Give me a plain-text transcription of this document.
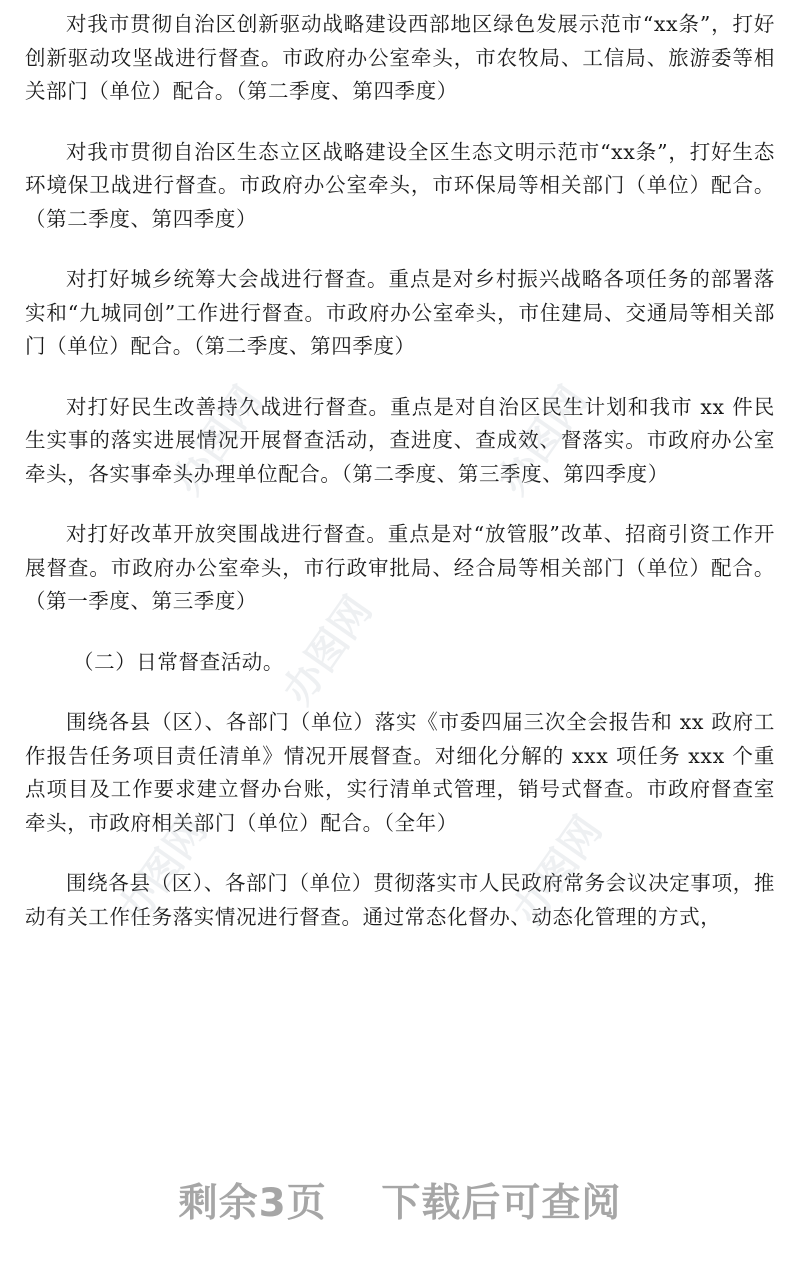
对我市贯彻自治区创新驱动战略建设西部地区绿色发展示范市“xx条”，打好创新驱动攻坚战进行督查。市政府办公室牵头，市农牧局、工信局、旅游委等相关部门（单位）配合。（第二季度、第四季度）

对我市贯彻自治区生态立区战略建设全区生态文明示范市“xx条”，打好生态环境保卫战进行督查。市政府办公室牵头，市环保局等相关部门（单位）配合。（第二季度、第四季度）

对打好城乡统筹大会战进行督查。重点是对乡村振兴战略各项任务的部署落实和“九城同创”工作进行督查。市政府办公室牵头，市住建局、交通局等相关部门（单位）配合。（第二季度、第四季度）

对打好民生改善持久战进行督查。重点是对自治区民生计划和我市 xx 件民生实事的落实进展情况开展督查活动，查进度、查成效、督落实。市政府办公室牵头，各实事牵头办理单位配合。（第二季度、第三季度、第四季度）

对打好改革开放突围战进行督查。重点是对“放管服”改革、招商引资工作开展督查。市政府办公室牵头，市行政审批局、经合局等相关部门（单位）配合。（第一季度、第三季度）

（二）日常督查活动。

围绕各县（区）、各部门（单位）落实《市委四届三次全会报告和 xx 政府工作报告任务项目责任清单》情况开展督查。对细化分解的 xxx 项任务 xxx 个重点项目及工作要求建立督办台账，实行清单式管理，销号式督查。市政府督查室牵头，市政府相关部门（单位）配合。（全年）

围绕各县（区）、各部门（单位）贯彻落实市人民政府常务会议决定事项，推动有关工作任务落实情况进行督查。通过常态化督办、动态化管理的方式，

办图网	办图网
办图网
办图网	办图网
剩余3页 下载后可查阅
